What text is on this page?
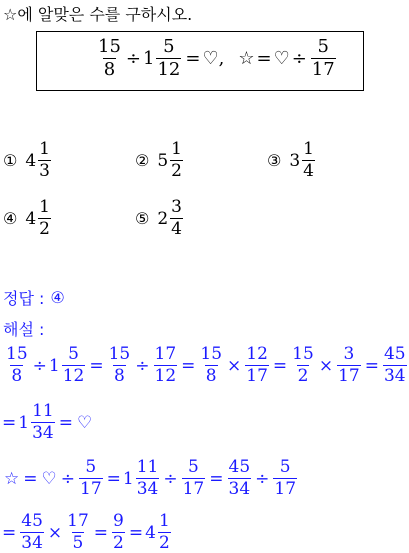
☆에 알맞은 수를 구하시오.
$\frac{15}{8} \div 1 \frac{5}{12}$ = ♡ , ☆ = ♡ ÷ $\frac{5}{17}$
① $4 \frac{1}{3}$	② $5 \frac{1}{2}$	③ $3 \frac{1}{4}$
④ $4 \frac{1}{2}$	⑤ $2 \frac{3}{4}$
정답 : ④
해설 :
$\frac{15}{8} \div 1 \frac{5}{12} = \frac{15}{8} \div \frac{17}{12} = \frac{15}{8} \times \frac{12}{17} = \frac{15}{2} \times \frac{3}{17} = \frac{45}{34}$
= $1 \frac{11}{34}$ = ♡
☆ = ♡ ÷ $\frac{5}{17} = 1 \frac{11}{34} \div \frac{5}{17} = \frac{45}{34} \div \frac{5}{17}$
= $\frac{45}{34} \times \frac{17}{5} = \frac{9}{2} = 4 \frac{1}{2}$
